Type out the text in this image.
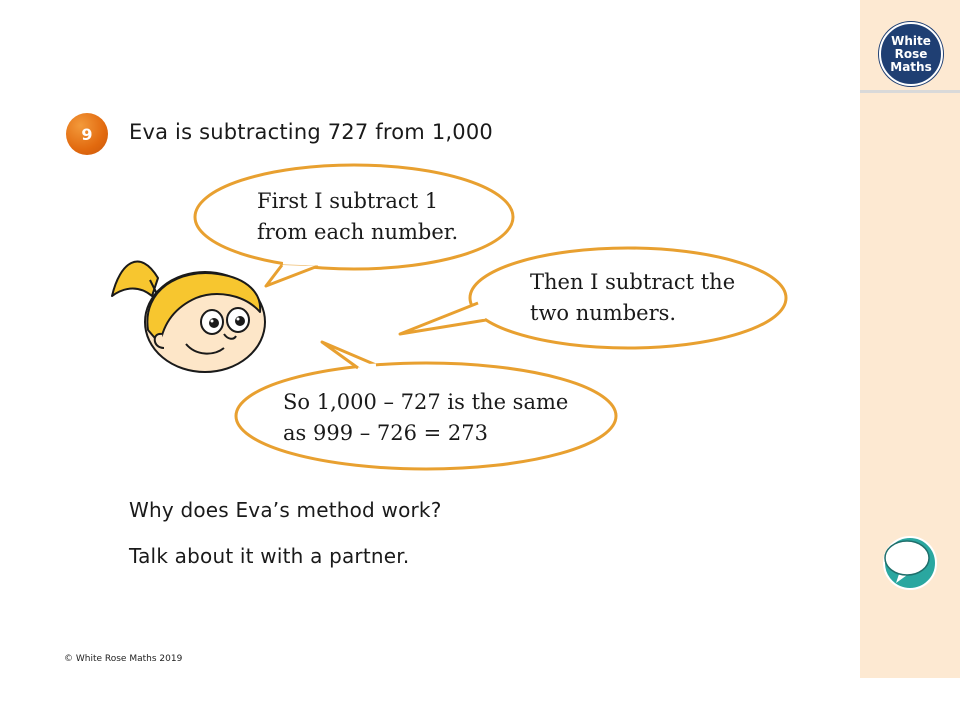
White
Rose
Maths
9	Eva is subtracting 727 from 1,000
First I subtract 1
from each number.
Then I subtract the
two numbers.
So 1,000 – 727 is the same
as 999 – 726 = 273
Why does Eva’s method work?
Talk about it with a partner.
© White Rose Maths 2019
